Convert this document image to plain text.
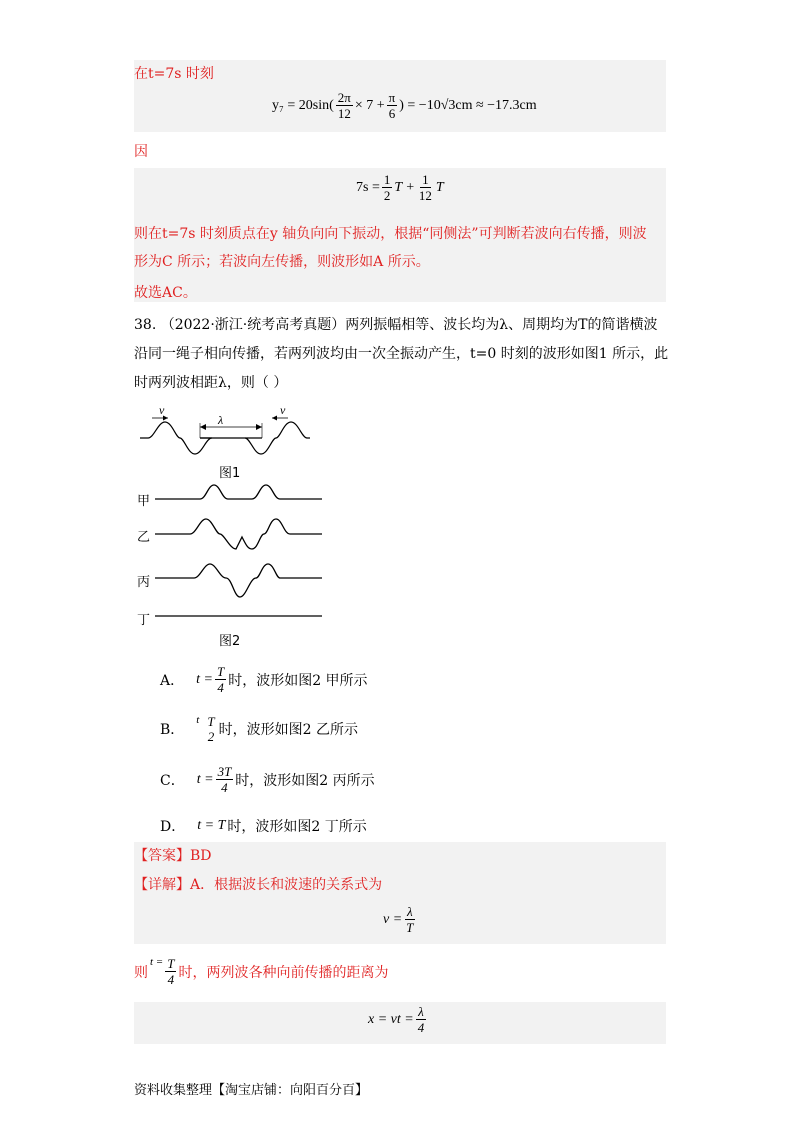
在t=7s 时刻
$y_7 = 20\sin( \frac{2\pi}{12} \times 7 + \frac{\pi}{6}$ ) = −10√3cm ≈ −17.3cm
因
$7s = \frac{1}{2}$ $T + \frac{1}{12}$ T
则在t=7s 时刻质点在y 轴负向向下振动，根据“同侧法”可判断若波向右传播，则波
形为C 所示；若波向左传播，则波形如A 所示。
故选AC。
38. （2022·浙江·统考高考真题）两列振幅相等、波长均为λ、周期均为T的简谐横波
沿同一绳子相向传播，若两列波均由一次全振动产生，t=0 时刻的波形如图1 所示，此
时两列波相距λ，则（ ）
v	v
λ
图1
甲
乙
丙
丁
图2
A． $t = \frac{T}{4}$ 时，波形如图2 甲所示
B．
t T
2 时，波形如图2 乙所示
C． $t = \frac{3T}{4}$ 时，波形如图2 丙所示
D． t = T 时，波形如图2 丁所示
【答案】BD
【详解】A．根据波长和波速的关系式为
$v = \frac{\lambda}{T}$
则
$t = \frac{T}{4}$ 时，两列波各种向前传播的距离为
x = vt = $\frac{\lambda}{4}$
资料收集整理【淘宝店铺：向阳百分百】
